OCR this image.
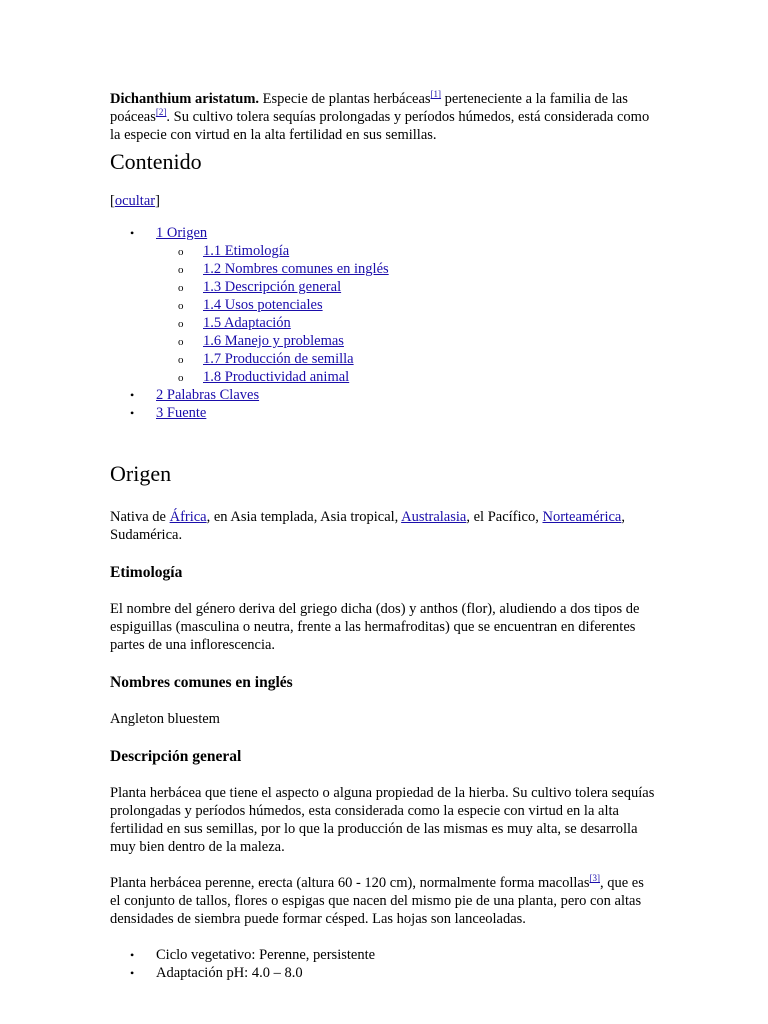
Dichanthium aristatum. Especie de plantas herbáceas[1] perteneciente a la familia de las poáceas[2]. Su cultivo tolera sequías prolongadas y períodos húmedos, está considerada como la especie con virtud en la alta fertilidad en sus semillas.

Contenido

[ocultar]

• 1 Origen
o 1.1 Etimología
o 1.2 Nombres comunes en inglés
o 1.3 Descripción general
o 1.4 Usos potenciales
o 1.5 Adaptación
o 1.6 Manejo y problemas
o 1.7 Producción de semilla
o 1.8 Productividad animal
• 2 Palabras Claves
• 3 Fuente
Origen

Nativa de África, en Asia templada, Asia tropical, Australasia, el Pacífico, Norteamérica, Sudamérica.

Etimología

El nombre del género deriva del griego dicha (dos) y anthos (flor), aludiendo a dos tipos de espiguillas (masculina o neutra, frente a las hermafroditas) que se encuentran en diferentes partes de una inflorescencia.

Nombres comunes en inglés

Angleton bluestem

Descripción general

Planta herbácea que tiene el aspecto o alguna propiedad de la hierba. Su cultivo tolera sequías prolongadas y períodos húmedos, esta considerada como la especie con virtud en la alta fertilidad en sus semillas, por lo que la producción de las mismas es muy alta, se desarrolla muy bien dentro de la maleza.

Planta herbácea perenne, erecta (altura 60 - 120 cm), normalmente forma macollas[3], que es el conjunto de tallos, flores o espigas que nacen del mismo pie de una planta, pero con altas densidades de siembra puede formar césped. Las hojas son lanceoladas.

• Ciclo vegetativo: Perenne, persistente
• Adaptación pH: 4.0 – 8.0
